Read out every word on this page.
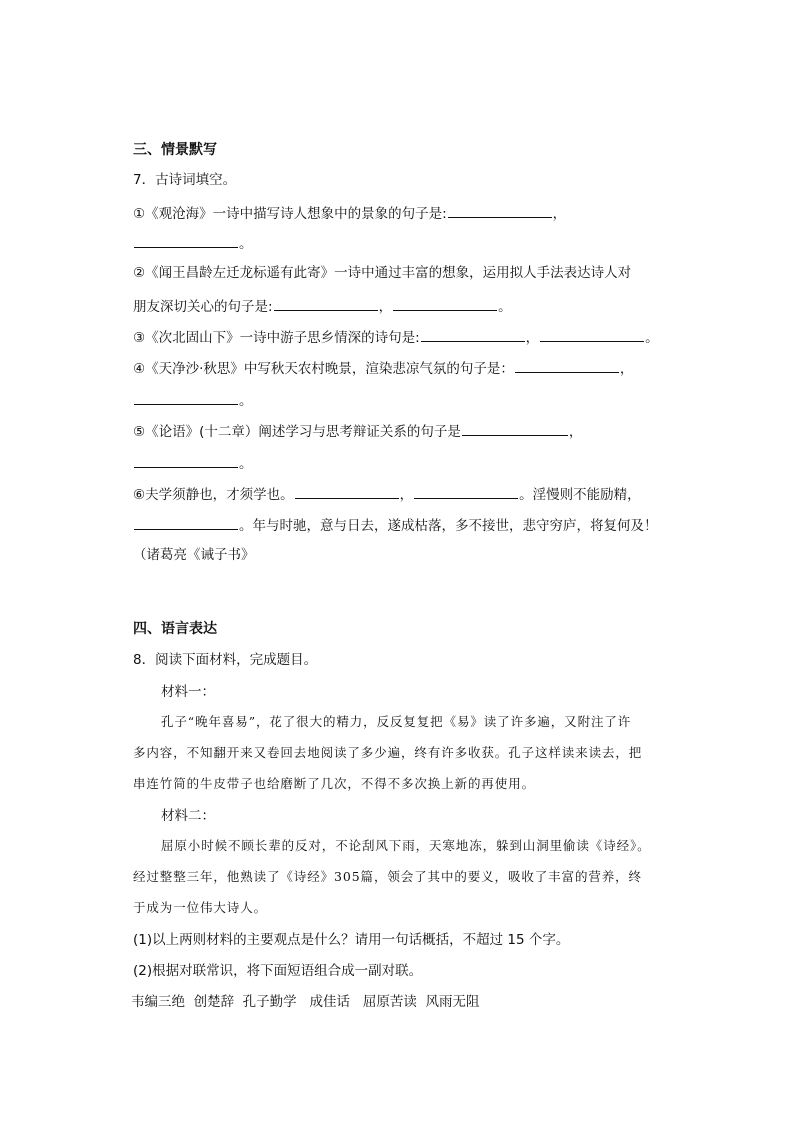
三、情景默写
7．古诗词填空。
①《观沧海》一诗中描写诗人想象中的景象的句子是:	，
。
②《闻王昌龄左迁龙标遥有此寄》一诗中通过丰富的想象，运用拟人手法表达诗人对
朋友深切关心的句子是:	，	。
③《次北固山下》一诗中游子思乡情深的诗句是:	，	。
④《天净沙·秋思》中写秋天农村晚景，渲染悲凉气氛的句子是：	，
。
⑤《论语》(十二章）阐述学习与思考辩证关系的句子是	，
。
⑥夫学须静也，才须学也。	，	。淫慢则不能励精，
。年与时驰，意与日去，遂成枯落，多不接世，悲守穷庐，将复何及！
（诸葛亮《诫子书》
四、语言表达
8．阅读下面材料，完成题目。
材料一：
孔子“晚年喜易”，花了很大的精力，反反复复把《易》读了许多遍，又附注了许
多内容，不知翻开来又卷回去地阅读了多少遍，终有许多收获。孔子这样读来读去，把
串连竹简的牛皮带子也给磨断了几次，不得不多次换上新的再使用。
材料二：
屈原小时候不顾长辈的反对，不论刮风下雨，天寒地冻，躲到山洞里偷读《诗经》。
经过整整三年，他熟读了《诗经》305篇，领会了其中的要义，吸收了丰富的营养，终
于成为一位伟大诗人。
(1)以上两则材料的主要观点是什么？请用一句话概括，不超过 15 个字。
(2)根据对联常识，将下面短语组合成一副对联。
韦编三绝  创楚辞  孔子勤学   成佳话   屈原苦读  风雨无阻
